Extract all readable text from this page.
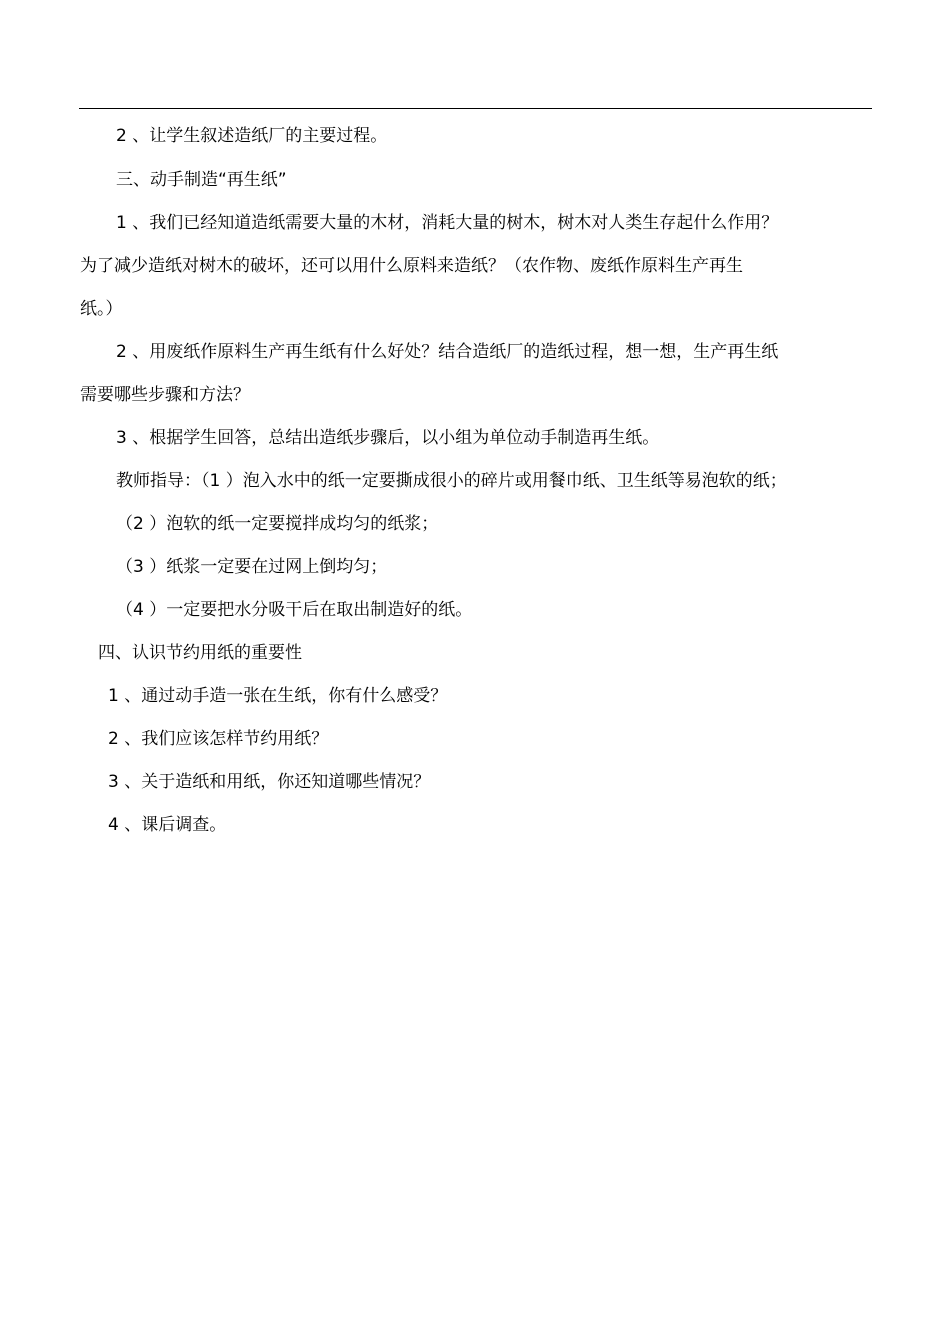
2 、让学生叙述造纸厂的主要过程。
三、动手制造“再生纸”
1 、我们已经知道造纸需要大量的木材，消耗大量的树木，树木对人类生存起什么作用？
为了减少造纸对树木的破坏，还可以用什么原料来造纸？（农作物、废纸作原料生产再生
纸。）
2 、用废纸作原料生产再生纸有什么好处？结合造纸厂的造纸过程，想一想，生产再生纸
需要哪些步骤和方法？
3 、根据学生回答，总结出造纸步骤后，以小组为单位动手制造再生纸。
教师指导：（1 ）泡入水中的纸一定要撕成很小的碎片或用餐巾纸、卫生纸等易泡软的纸；
（2 ）泡软的纸一定要搅拌成均匀的纸浆；
（3 ）纸浆一定要在过网上倒均匀；
（4 ）一定要把水分吸干后在取出制造好的纸。
四、认识节约用纸的重要性
1 、通过动手造一张在生纸，你有什么感受？
2 、我们应该怎样节约用纸？
3 、关于造纸和用纸，你还知道哪些情况？
4 、课后调查。
